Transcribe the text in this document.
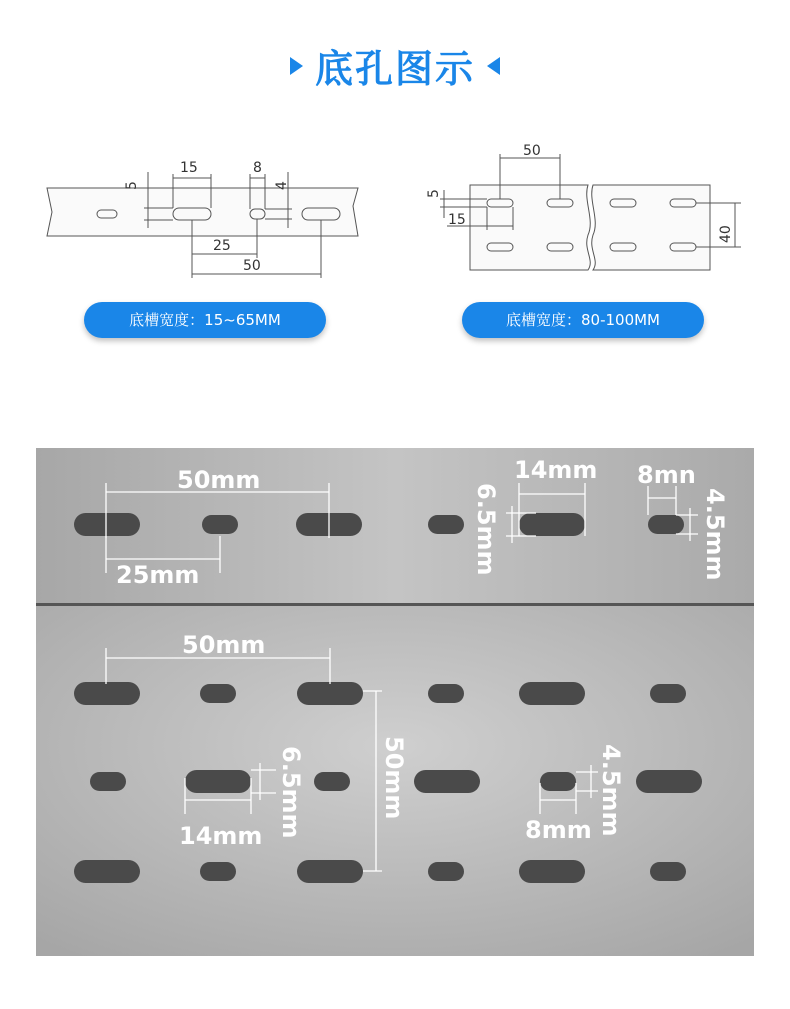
底孔图示
5
15	8
4
25
50
50
5
15
40
底槽宽度：15~65MM	底槽宽度：80-100MM
50mm
25mm
14mm
6.5mm
8mn
4.5mm
50mm
6.5mm
14mm
50mm	4.5mm
8mm
